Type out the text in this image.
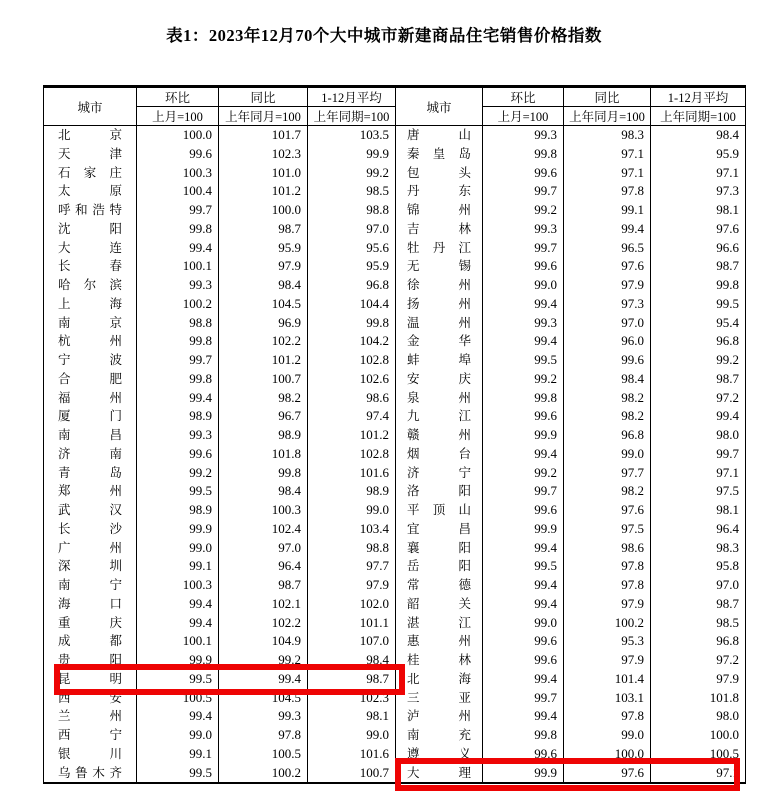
表1：2023年12月70个大中城市新建商品住宅销售价格指数
城市	环比	同比	1-12月平均	城市	环比	同比	1-12月平均
	上月=100	上年同月=100	上年同期=100		上月=100	上年同月=100	上年同期=100

北京	100.0	101.7	103.5	唐山	99.3	98.3	98.4

天津	99.6	102.3	99.9	秦皇岛	99.8	97.1	95.9

石家庄	100.3	101.0	99.2	包头	99.6	97.1	97.1

太原	100.4	101.2	98.5	丹东	99.7	97.8	97.3

呼和浩特	99.7	100.0	98.8	锦州	99.2	99.1	98.1

沈阳	99.8	98.7	97.0	吉林	99.3	99.4	97.6

大连	99.4	95.9	95.6	牡丹江	99.7	96.5	96.6

长春	100.1	97.9	95.9	无锡	99.6	97.6	98.7

哈尔滨	99.3	98.4	96.8	徐州	99.0	97.9	99.8

上海	100.2	104.5	104.4	扬州	99.4	97.3	99.5

南京	98.8	96.9	99.8	温州	99.3	97.0	95.4

杭州	99.8	102.2	104.2	金华	99.4	96.0	96.8

宁波	99.7	101.2	102.8	蚌埠	99.5	99.6	99.2

合肥	99.8	100.7	102.6	安庆	99.2	98.4	98.7

福州	99.4	98.2	98.6	泉州	99.8	98.2	97.2

厦门	98.9	96.7	97.4	九江	99.6	98.2	99.4

南昌	99.3	98.9	101.2	赣州	99.9	96.8	98.0

济南	99.6	101.8	102.8	烟台	99.4	99.0	99.7

青岛	99.2	99.8	101.6	济宁	99.2	97.7	97.1

郑州	99.5	98.4	98.9	洛阳	99.7	98.2	97.5

武汉	98.9	100.3	99.0	平顶山	99.6	97.6	98.1

长沙	99.9	102.4	103.4	宜昌	99.9	97.5	96.4

广州	99.0	97.0	98.8	襄阳	99.4	98.6	98.3

深圳	99.1	96.4	97.7	岳阳	99.5	97.8	95.8

南宁	100.3	98.7	97.9	常德	99.4	97.8	97.0

海口	99.4	102.1	102.0	韶关	99.4	97.9	98.7

重庆	99.4	102.2	101.1	湛江	99.0	100.2	98.5

成都	100.1	104.9	107.0	惠州	99.6	95.3	96.8

贵阳	99.9	99.2	98.4	桂林	99.6	97.9	97.2

昆明	99.5	99.4	98.7	北海	99.4	101.4	97.9

西安	100.5	104.5	102.3	三亚	99.7	103.1	101.8

兰州	99.4	99.3	98.1	泸州	99.4	97.8	98.0

西宁	99.0	97.8	99.0	南充	99.8	99.0	100.0

银川	99.1	100.5	101.6	遵义	99.6	100.0	100.5

乌鲁木齐	99.5	100.2	100.7	大理	99.9	97.6	97.1
